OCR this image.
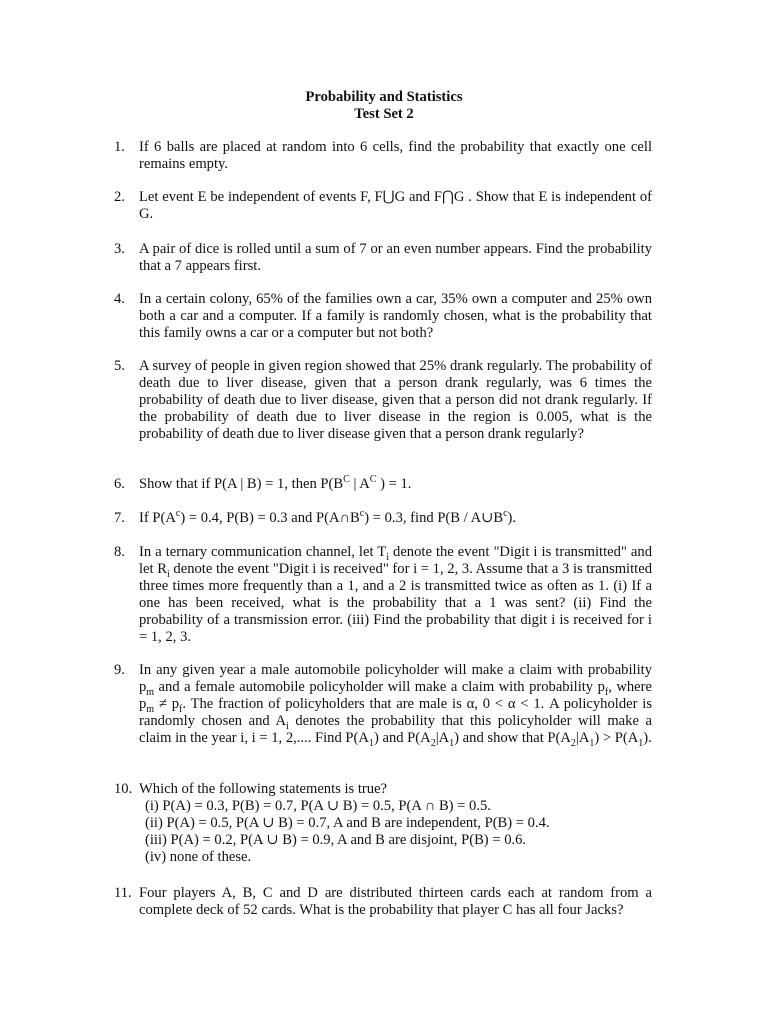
Probability and Statistics
Test Set 2
1. If 6 balls are placed at random into 6 cells, find the probability that exactly one cell remains empty.

2. Let event E be independent of events F, F⋃G and F⋂G . Show that E is independent of G.

3. A pair of dice is rolled until a sum of 7 or an even number appears. Find the probability that a 7 appears first.

4. In a certain colony, 65% of the families own a car, 35% own a computer and 25% own both a car and a computer. If a family is randomly chosen, what is the probability that this family owns a car or a computer but not both?

5. A survey of people in given region showed that 25% drank regularly. The probability of death due to liver disease, given that a person drank regularly, was 6 times the probability of death due to liver disease, given that a person did not drank regularly. If the probability of death due to liver disease in the region is 0.005, what is the probability of death due to liver disease given that a person drank regularly?

6. Show that if P(A | B) = 1, then $P(B^C$ | $A^C$ ) = 1.

7. If $P(A^c) = 0.4$, P(B) = 0.3 and $P(A\cap B^c) = 0.3$, find $P(B / A\cup B^c)$.

8. In a ternary communication channel, let $T_i$ denote the event "Digit i is transmitted" and let $R_i$ denote the event "Digit i is received" for i = 1, 2, 3. Assume that a 3 is transmitted three times more frequently than a 1, and a 2 is transmitted twice as often as 1. (i) If a one has been received, what is the probability that a 1 was sent? (ii) Find the probability of a transmission error. (iii) Find the probability that digit i is received for i = 1, 2, 3.

9. In any given year a male automobile policyholder will make a claim with probability $p_m$ and a female automobile policyholder will make a claim with probability $p_f$, where $p_m \ne p_f$. The fraction of policyholders that are male is α, 0 < α < 1. A policyholder is randomly chosen and $A_i$ denotes the probability that this policyholder will make a claim in the year i, i = 1, 2,.... Find $P(A_1)$ and $P(A_2|A_1)$ and show that $P(A_2|A_1) > P(A_1)$.

10. Which of the following statements is true?

(i) P(A) = 0.3, P(B) = 0.7, P(A ∪ B) = 0.5, P(A ∩ B) = 0.5.
(ii) P(A) = 0.5, P(A ∪ B) = 0.7, A and B are independent, P(B) = 0.4.
(iii) P(A) = 0.2, P(A ∪ B) = 0.9, A and B are disjoint, P(B) = 0.6.
(iv) none of these.
11. Four players A, B, C and D are distributed thirteen cards each at random from a complete deck of 52 cards. What is the probability that player C has all four Jacks?
